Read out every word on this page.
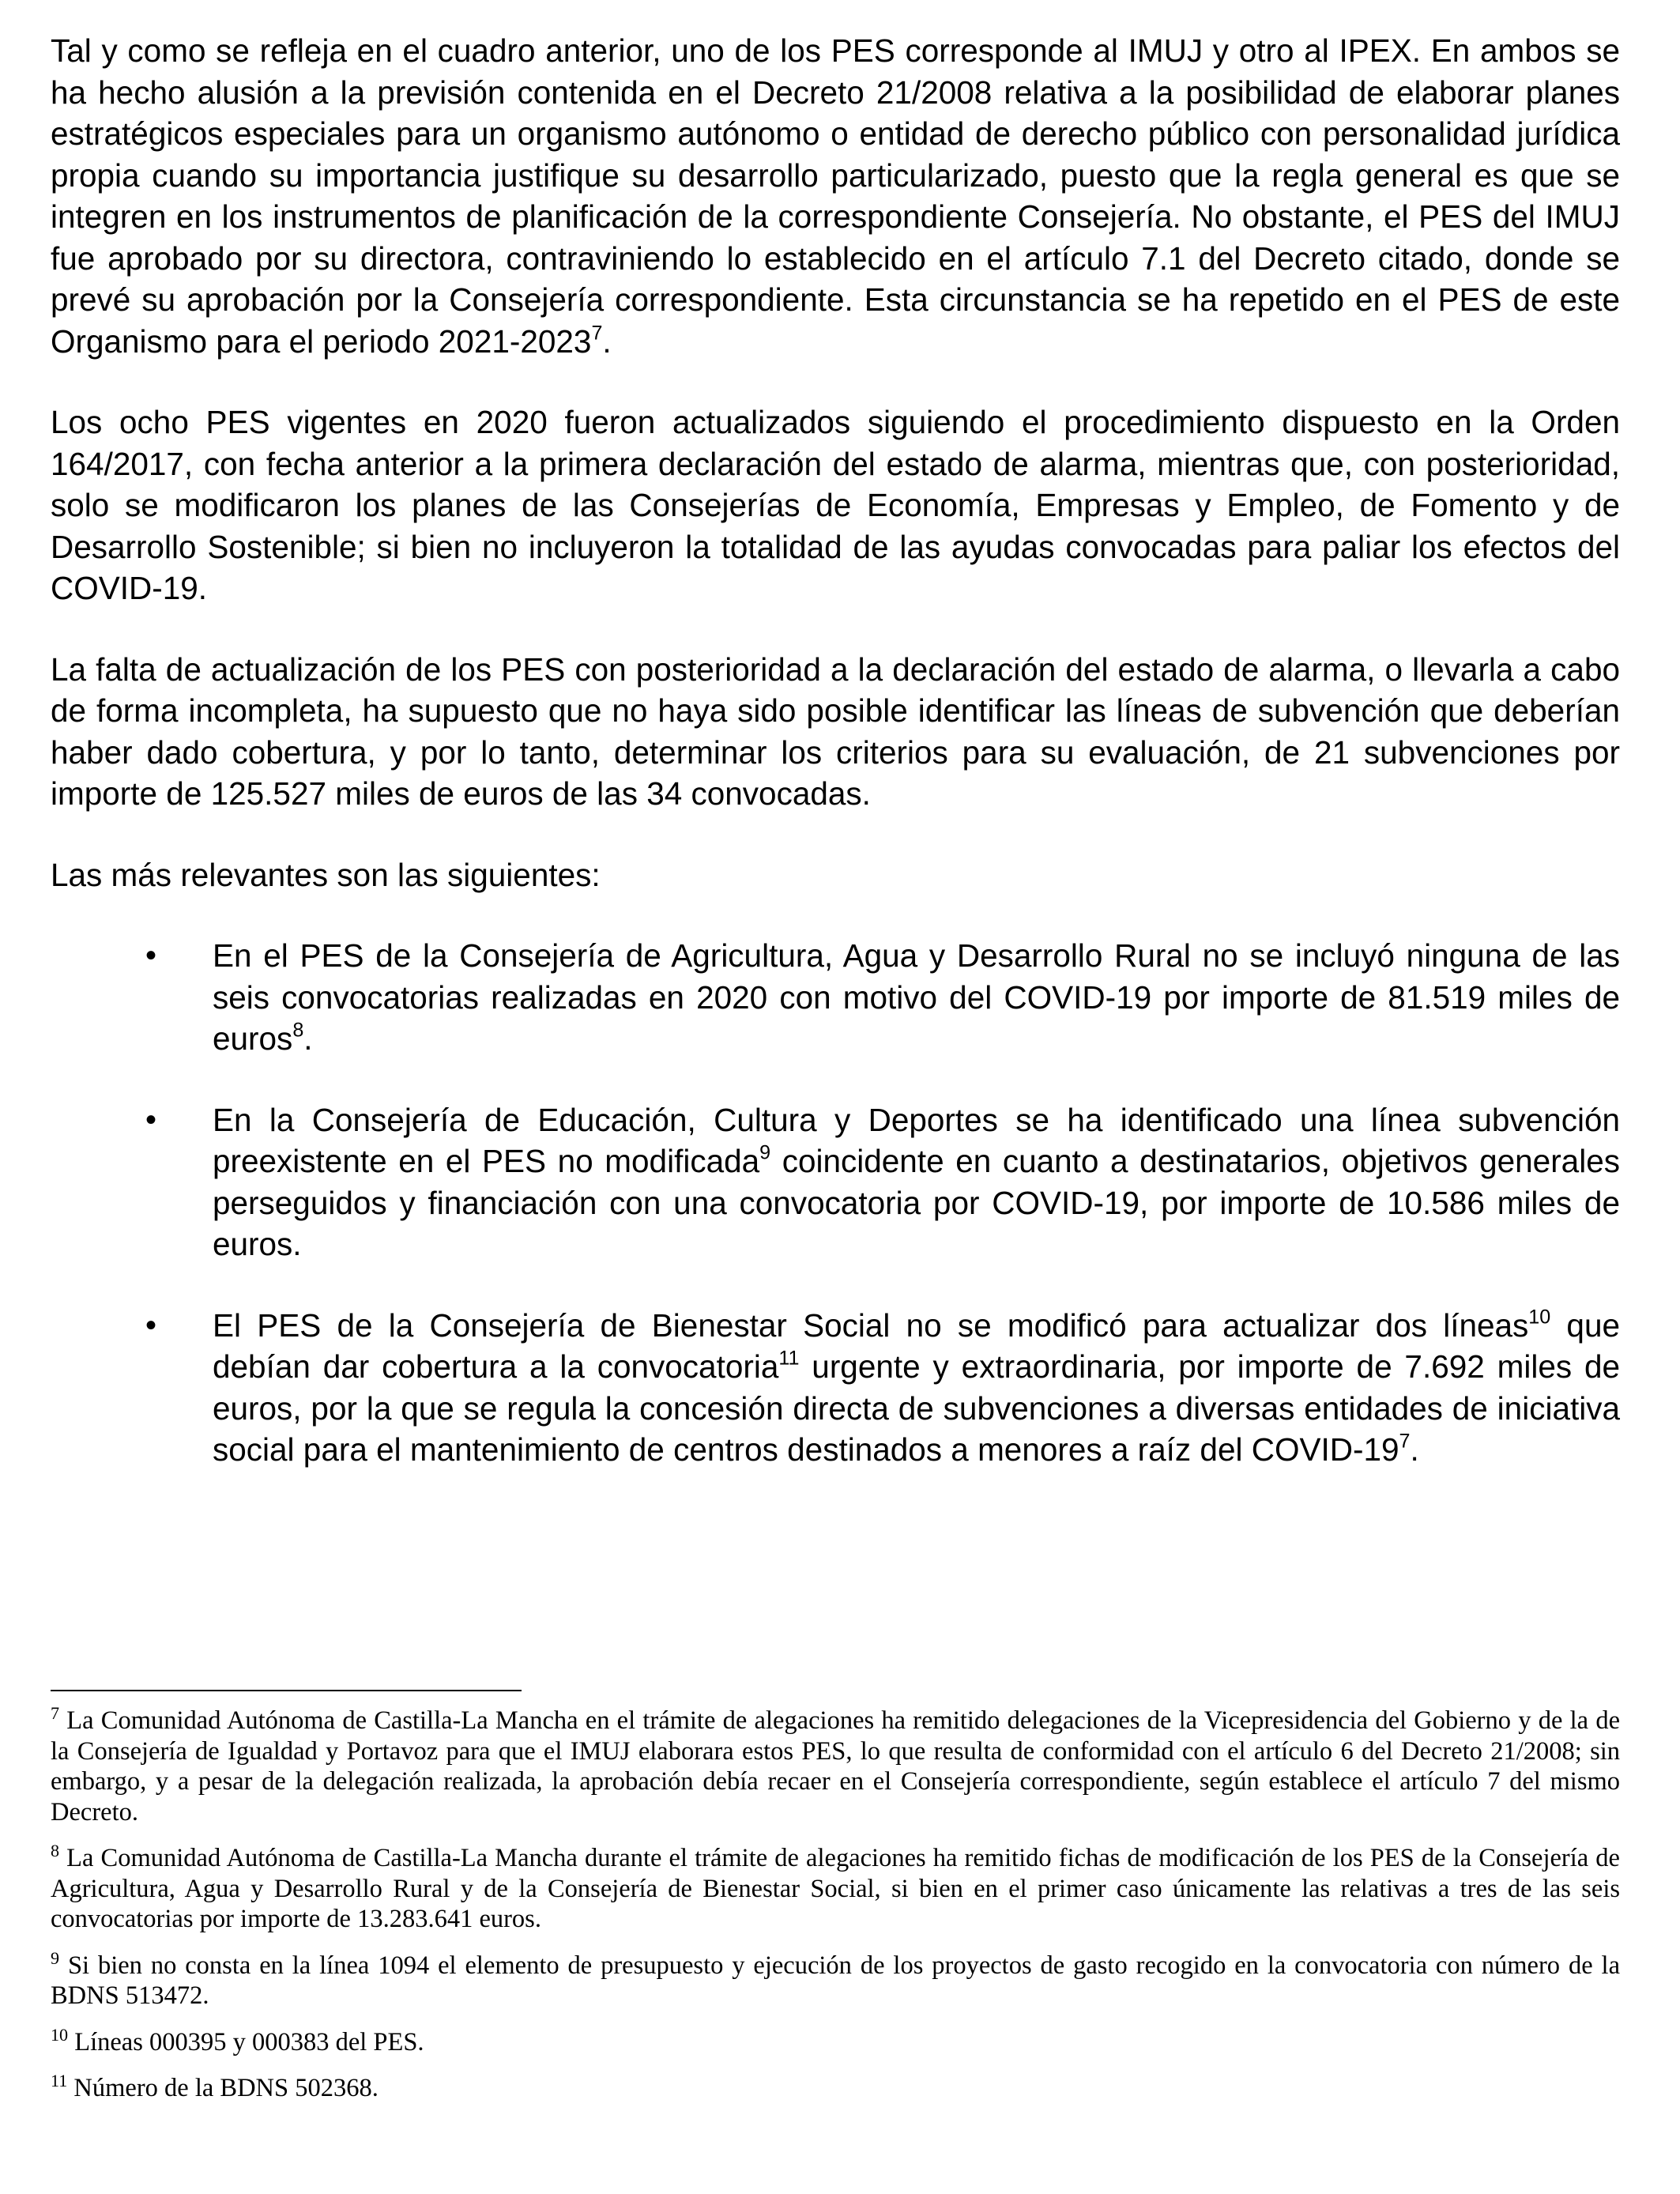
Tal y como se refleja en el cuadro anterior, uno de los PES corresponde al IMUJ y otro al IPEX. En ambos se ha hecho alusión a la previsión contenida en el Decreto 21/2008 relativa a la posibilidad de elaborar planes estratégicos especiales para un organismo autónomo o entidad de derecho público con personalidad jurídica propia cuando su importancia justifique su desarrollo particularizado, puesto que la regla general es que se integren en los instrumentos de planificación de la correspondiente Consejería. No obstante, el PES del IMUJ fue aprobado por su directora, contraviniendo lo establecido en el artículo 7.1 del Decreto citado, donde se prevé su aprobación por la Consejería correspondiente. Esta circunstancia se ha repetido en el PES de este Organismo para el periodo 2021-2023$^7$.

Los ocho PES vigentes en 2020 fueron actualizados siguiendo el procedimiento dispuesto en la Orden 164/2017, con fecha anterior a la primera declaración del estado de alarma, mientras que, con posterioridad, solo se modificaron los planes de las Consejerías de Economía, Empresas y Empleo, de Fomento y de Desarrollo Sostenible; si bien no incluyeron la totalidad de las ayudas convocadas para paliar los efectos del COVID-19.

La falta de actualización de los PES con posterioridad a la declaración del estado de alarma, o llevarla a cabo de forma incompleta, ha supuesto que no haya sido posible identificar las líneas de subvención que deberían haber dado cobertura, y por lo tanto, determinar los criterios para su evaluación, de 21 subvenciones por importe de 125.527 miles de euros de las 34 convocadas.

Las más relevantes son las siguientes:

•	En el PES de la Consejería de Agricultura, Agua y Desarrollo Rural no se incluyó ninguna de las seis convocatorias realizadas en 2020 con motivo del COVID-19 por importe de 81.519 miles de euros$^8$.
•	En la Consejería de Educación, Cultura y Deportes se ha identificado una línea subvención preexistente en el PES no modificada$^9$ coincidente en cuanto a destinatarios, objetivos generales perseguidos y financiación con una convocatoria por COVID-19, por importe de 10.586 miles de euros.
•	El PES de la Consejería de Bienestar Social no se modificó para actualizar dos líneas$^{10}$ que debían dar cobertura a la convocatoria$^{11}$ urgente y extraordinaria, por importe de 7.692 miles de euros, por la que se regula la concesión directa de subvenciones a diversas entidades de iniciativa social para el mantenimiento de centros destinados a menores a raíz del COVID-$19^7$.

$^7$ La Comunidad Autónoma de Castilla-La Mancha en el trámite de alegaciones ha remitido delegaciones de la Vicepresidencia del Gobierno y de la de la Consejería de Igualdad y Portavoz para que el IMUJ elaborara estos PES, lo que resulta de conformidad con el artículo 6 del Decreto 21/2008; sin embargo, y a pesar de la delegación realizada, la aprobación debía recaer en el Consejería correspondiente, según establece el artículo 7 del mismo Decreto.

$^8$ La Comunidad Autónoma de Castilla-La Mancha durante el trámite de alegaciones ha remitido fichas de modificación de los PES de la Consejería de Agricultura, Agua y Desarrollo Rural y de la Consejería de Bienestar Social, si bien en el primer caso únicamente las relativas a tres de las seis convocatorias por importe de 13.283.641 euros.

$^9$ Si bien no consta en la línea 1094 el elemento de presupuesto y ejecución de los proyectos de gasto recogido en la convocatoria con número de la BDNS 513472.

$^{10}$ Líneas 000395 y 000383 del PES.

$^{11}$ Número de la BDNS 502368.
